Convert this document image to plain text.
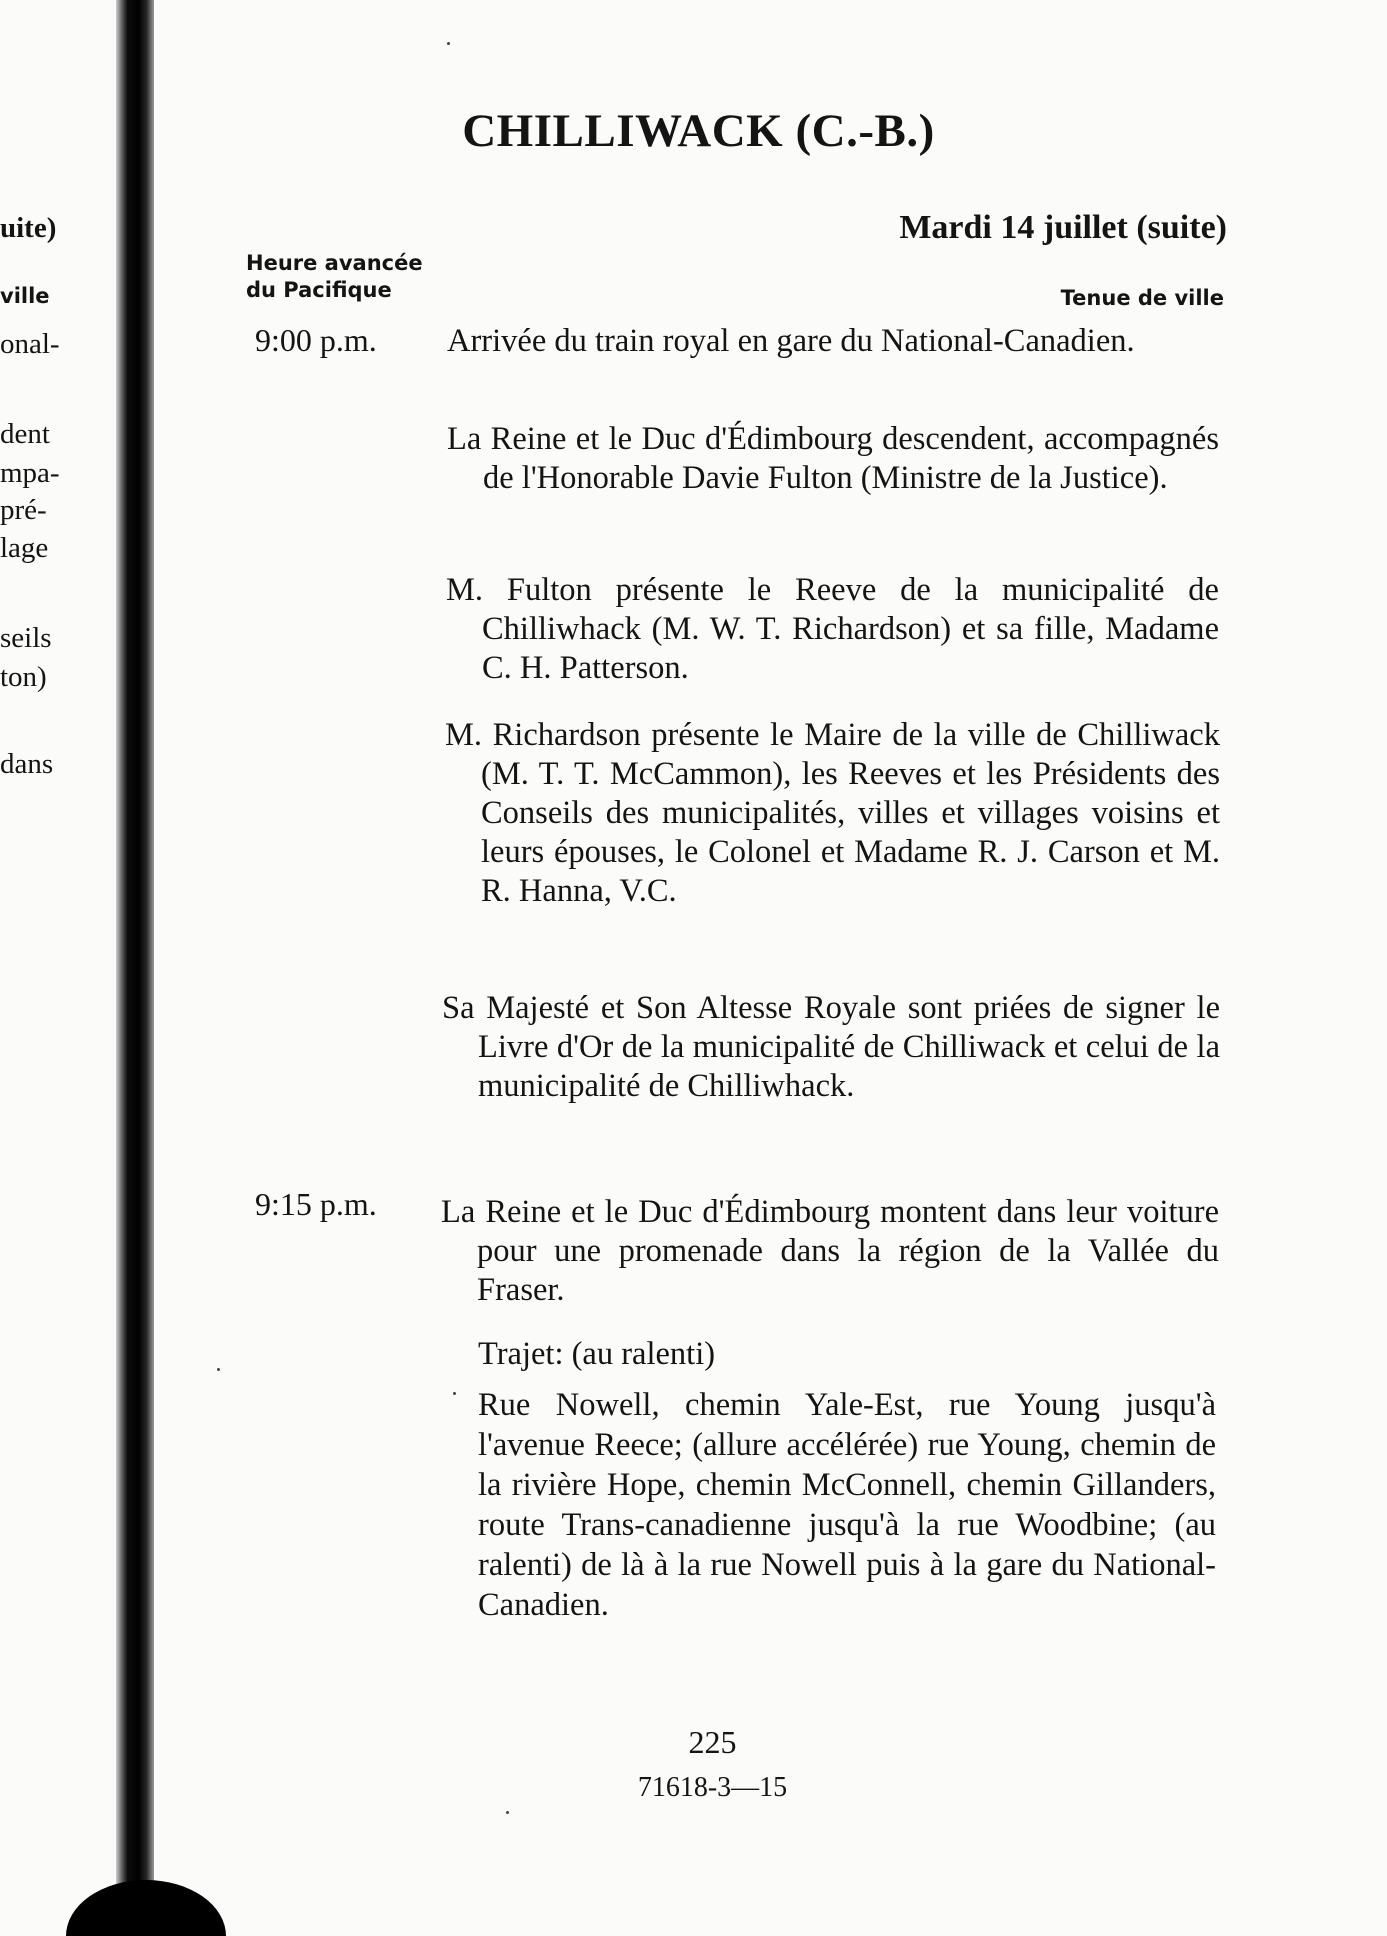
uite)
ville
onal-
dent
mpa-
pré-
lage
seils
ton)
dans
CHILLIWACK (C.-B.)
Mardi 14 juillet (suite)
Heure avancée
du Pacifique	Tenue de ville
9:00 p.m. Arrivée du train royal en gare du National-Canadien.
La Reine et le Duc d'Édimbourg descendent, accompagnés de l'Honorable Davie Fulton (Ministre de la Justice).
M. Fulton présente le Reeve de la municipalité de Chilliwhack (M. W. T. Richardson) et sa fille, Madame C. H. Patterson.
M. Richardson présente le Maire de la ville de Chilliwack (M. T. T. McCammon), les Reeves et les Présidents des Conseils des municipalités, villes et villages voisins et leurs épouses, le Colonel et Madame R. J. Carson et M. R. Hanna, V.C.
Sa Majesté et Son Altesse Royale sont priées de signer le Livre d'Or de la municipalité de Chilliwack et celui de la municipalité de Chilliwhack.
9:15 p.m. La Reine et le Duc d'Édimbourg montent dans leur voiture pour une promenade dans la région de la Vallée du Fraser.
Trajet: (au ralenti)
Rue Nowell, chemin Yale-Est, rue Young jusqu'à l'avenue Reece; (allure accélérée) rue Young, chemin de la rivière Hope, chemin McConnell, chemin Gillanders, route Trans-canadienne jusqu'à la rue Woodbine; (au ralenti) de là à la rue Nowell puis à la gare du National-Canadien.
225
71618-3—15
